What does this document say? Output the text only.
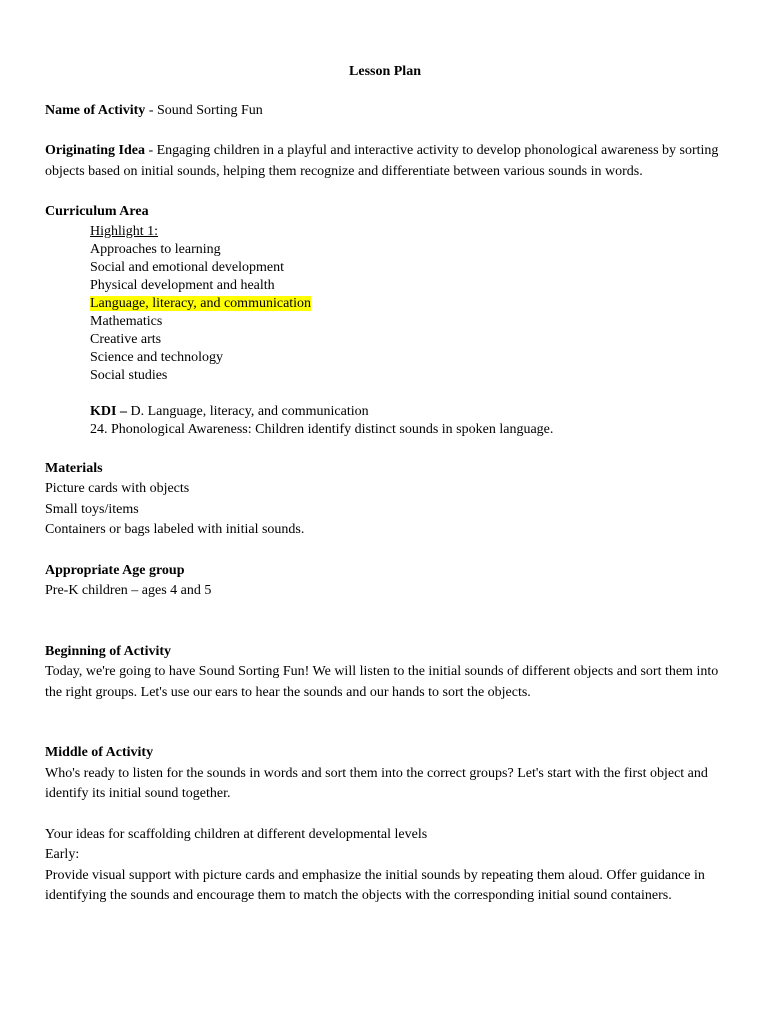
Lesson Plan

Name of Activity - Sound Sorting Fun

Originating Idea - Engaging children in a playful and interactive activity to develop phonological awareness by sorting objects based on initial sounds, helping them recognize and differentiate between various sounds in words.

Curriculum Area

Highlight 1:
Approaches to learning
Social and emotional development
Physical development and health
Language, literacy, and communication
Mathematics
Creative arts
Science and technology
Social studies
KDI – D. Language, literacy, and communication
24. Phonological Awareness: Children identify distinct sounds in spoken language.

Materials

Picture cards with objects

Small toys/items

Containers or bags labeled with initial sounds.

Appropriate Age group

Pre-K children – ages 4 and 5

Beginning of Activity

Today, we're going to have Sound Sorting Fun! We will listen to the initial sounds of different objects and sort them into the right groups. Let's use our ears to hear the sounds and our hands to sort the objects.

Middle of Activity

Who's ready to listen for the sounds in words and sort them into the correct groups? Let's start with the first object and identify its initial sound together.

Your ideas for scaffolding children at different developmental levels

Early:

Provide visual support with picture cards and emphasize the initial sounds by repeating them aloud. Offer guidance in identifying the sounds and encourage them to match the objects with the corresponding initial sound containers.
